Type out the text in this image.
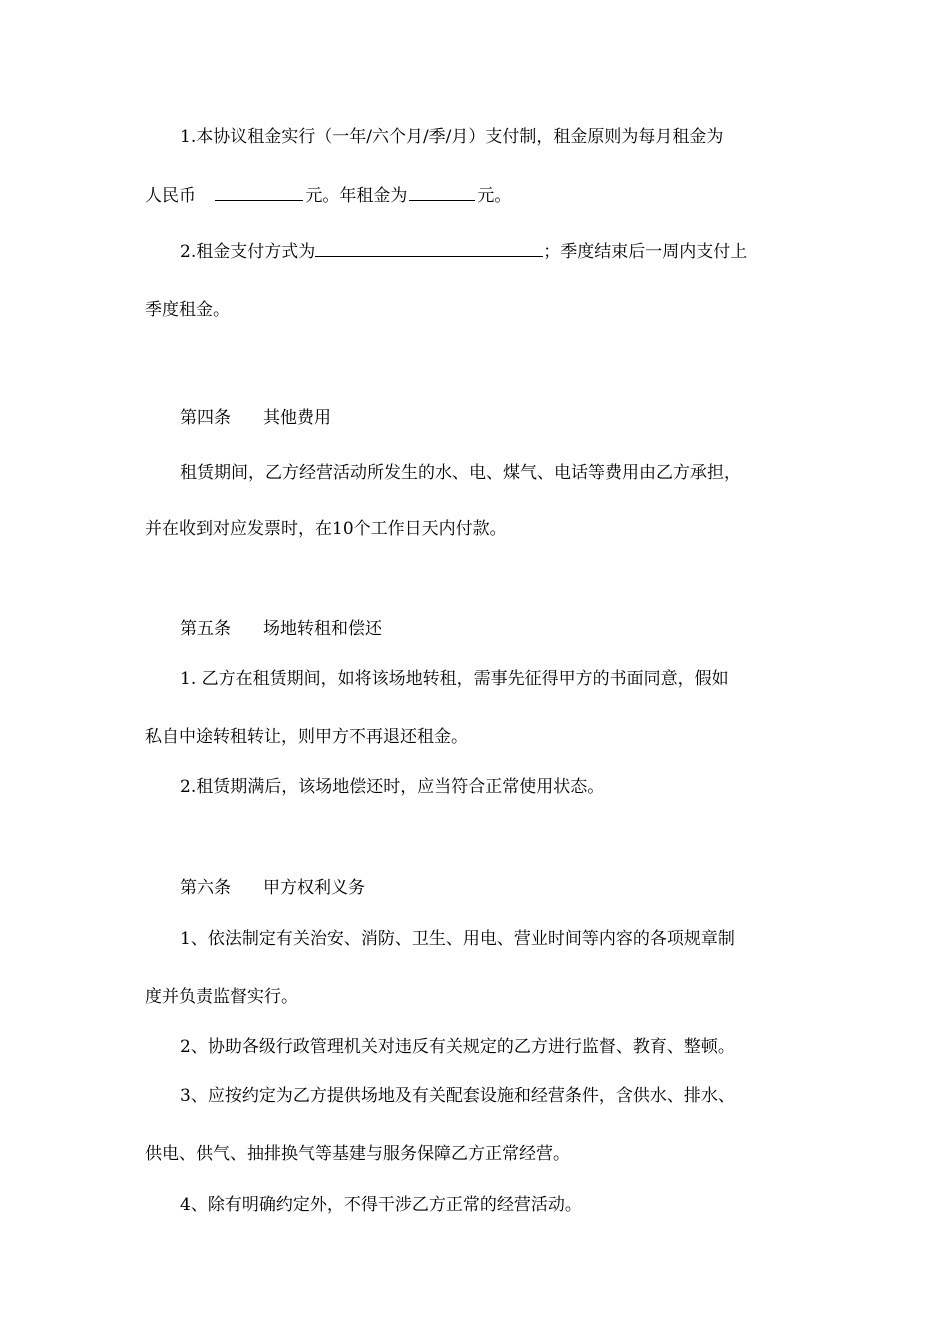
1.本协议租金实行（一年/六个月/季/月）支付制，租金原则为每月租金为

人民币	元。年租金为	元。

2.租金支付方式为	；季度结束后一周内支付上

季度租金。

第四条 其他费用

租赁期间，乙方经营活动所发生的水、电、煤气、电话等费用由乙方承担，

并在收到对应发票时，在10个工作日天内付款。

第五条 场地转租和偿还

1. 乙方在租赁期间，如将该场地转租，需事先征得甲方的书面同意，假如

私自中途转租转让，则甲方不再退还租金。

2.租赁期满后，该场地偿还时，应当符合正常使用状态。

第六条 甲方权利义务

1、依法制定有关治安、消防、卫生、用电、营业时间等内容的各项规章制

度并负责监督实行。

2、协助各级行政管理机关对违反有关规定的乙方进行监督、教育、整顿。

3、应按约定为乙方提供场地及有关配套设施和经营条件，含供水、排水、

供电、供气、抽排换气等基建与服务保障乙方正常经营。

4、除有明确约定外，不得干涉乙方正常的经营活动。
